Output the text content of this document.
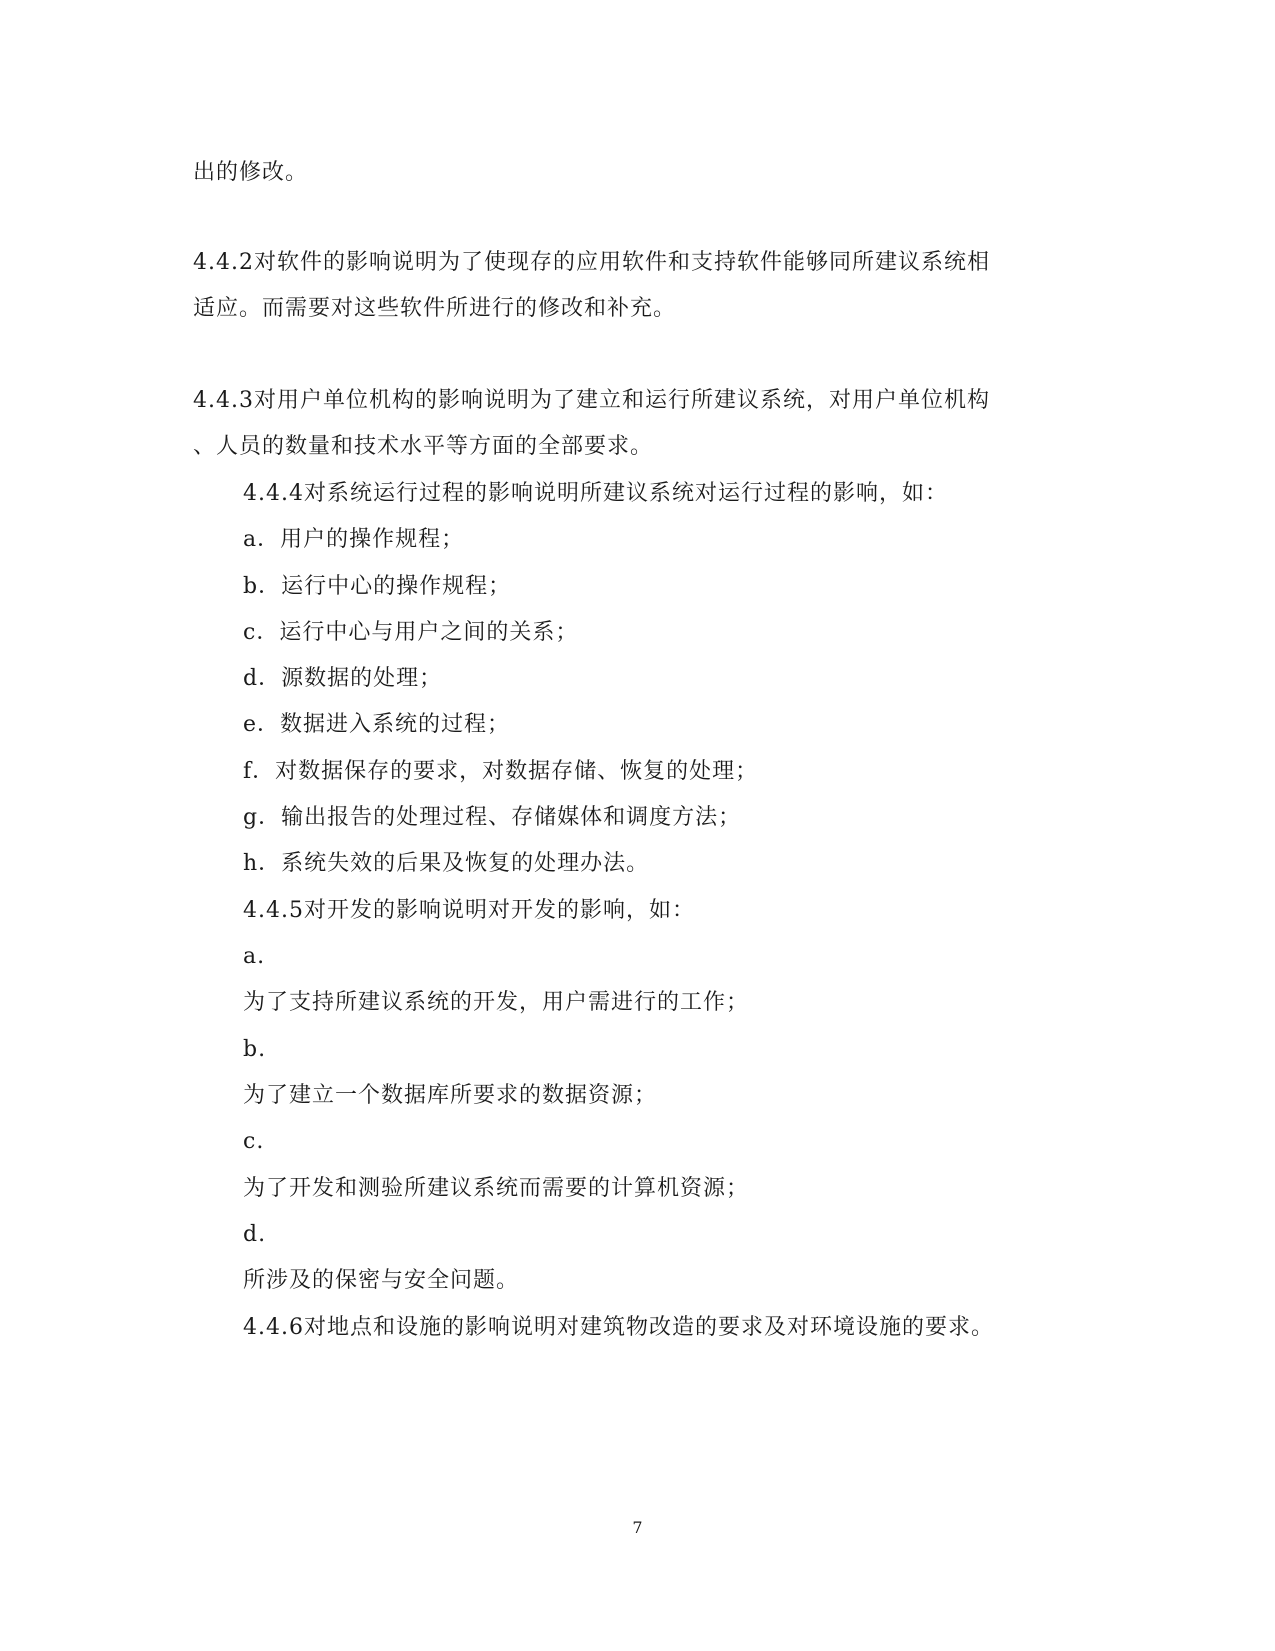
出的修改。
4.4.2对软件的影响说明为了使现存的应用软件和支持软件能够同所建议系统相
适应。而需要对这些软件所进行的修改和补充。
4.4.3对用户单位机构的影响说明为了建立和运行所建议系统，对用户单位机构
、人员的数量和技术水平等方面的全部要求。
4.4.4对系统运行过程的影响说明所建议系统对运行过程的影响，如：
a．用户的操作规程；
b．运行中心的操作规程；
c．运行中心与用户之间的关系；
d．源数据的处理；
e．数据进入系统的过程；
f．对数据保存的要求，对数据存储、恢复的处理；
g．输出报告的处理过程、存储媒体和调度方法；
h．系统失效的后果及恢复的处理办法。
4.4.5对开发的影响说明对开发的影响，如：
a.
为了支持所建议系统的开发，用户需进行的工作；
b.
为了建立一个数据库所要求的数据资源；
c.
为了开发和测验所建议系统而需要的计算机资源；
d.
所涉及的保密与安全问题。
4.4.6对地点和设施的影响说明对建筑物改造的要求及对环境设施的要求。
7
